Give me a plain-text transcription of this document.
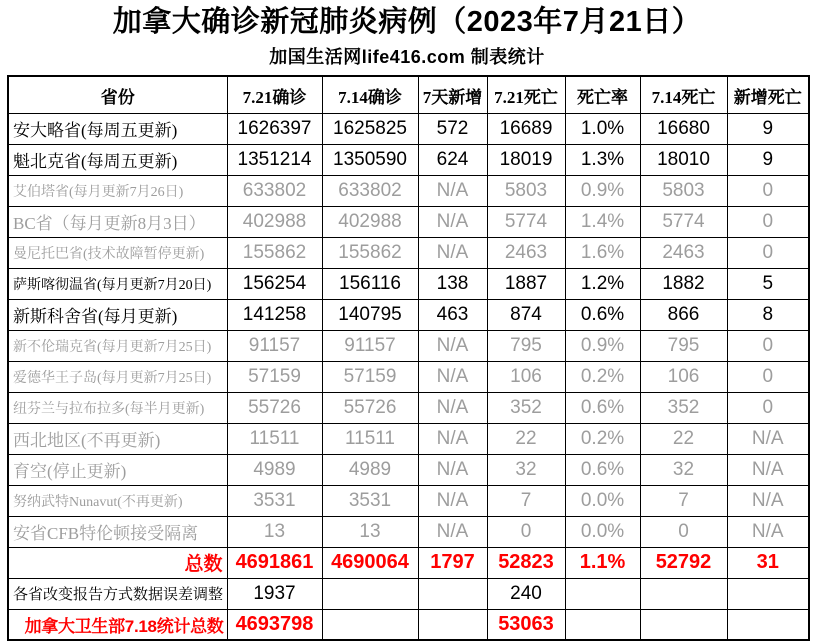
加拿大确诊新冠肺炎病例（2023年7月21日）
加国生活网life416.com 制表统计
省份	7.21确诊	7.14确诊	7天新增	7.21死亡	死亡率	7.14死亡	新增死亡
安大略省(每周五更新)	1626397	1625825	572	16689	1.0%	16680	9
魁北克省(每周五更新)	1351214	1350590	624	18019	1.3%	18010	9
艾伯塔省(每月更新7月26日)	633802	633802	N/A	5803	0.9%	5803	0
BC省（每月更新8月3日）	402988	402988	N/A	5774	1.4%	5774	0
曼尼托巴省(技术故障暂停更新)	155862	155862	N/A	2463	1.6%	2463	0
萨斯喀彻温省(每月更新7月20日)	156254	156116	138	1887	1.2%	1882	5
新斯科舍省(每月更新)	141258	140795	463	874	0.6%	866	8
新不伦瑞克省(每月更新7月25日)	91157	91157	N/A	795	0.9%	795	0
爱德华王子岛(每月更新7月25日)	57159	57159	N/A	106	0.2%	106	0
纽芬兰与拉布拉多(每半月更新)	55726	55726	N/A	352	0.6%	352	0
西北地区(不再更新)	11511	11511	N/A	22	0.2%	22	N/A
育空(停止更新)	4989	4989	N/A	32	0.6%	32	N/A
努纳武特Nunavut(不再更新)	3531	3531	N/A	7	0.0%	7	N/A
安省CFB特伦顿接受隔离	13	13	N/A	0	0.0%	0	N/A
总数	4691861	4690064	1797	52823	1.1%	52792	31
各省改变报告方式数据误差调整	1937			240			
加拿大卫生部7.18统计总数	4693798			53063			
